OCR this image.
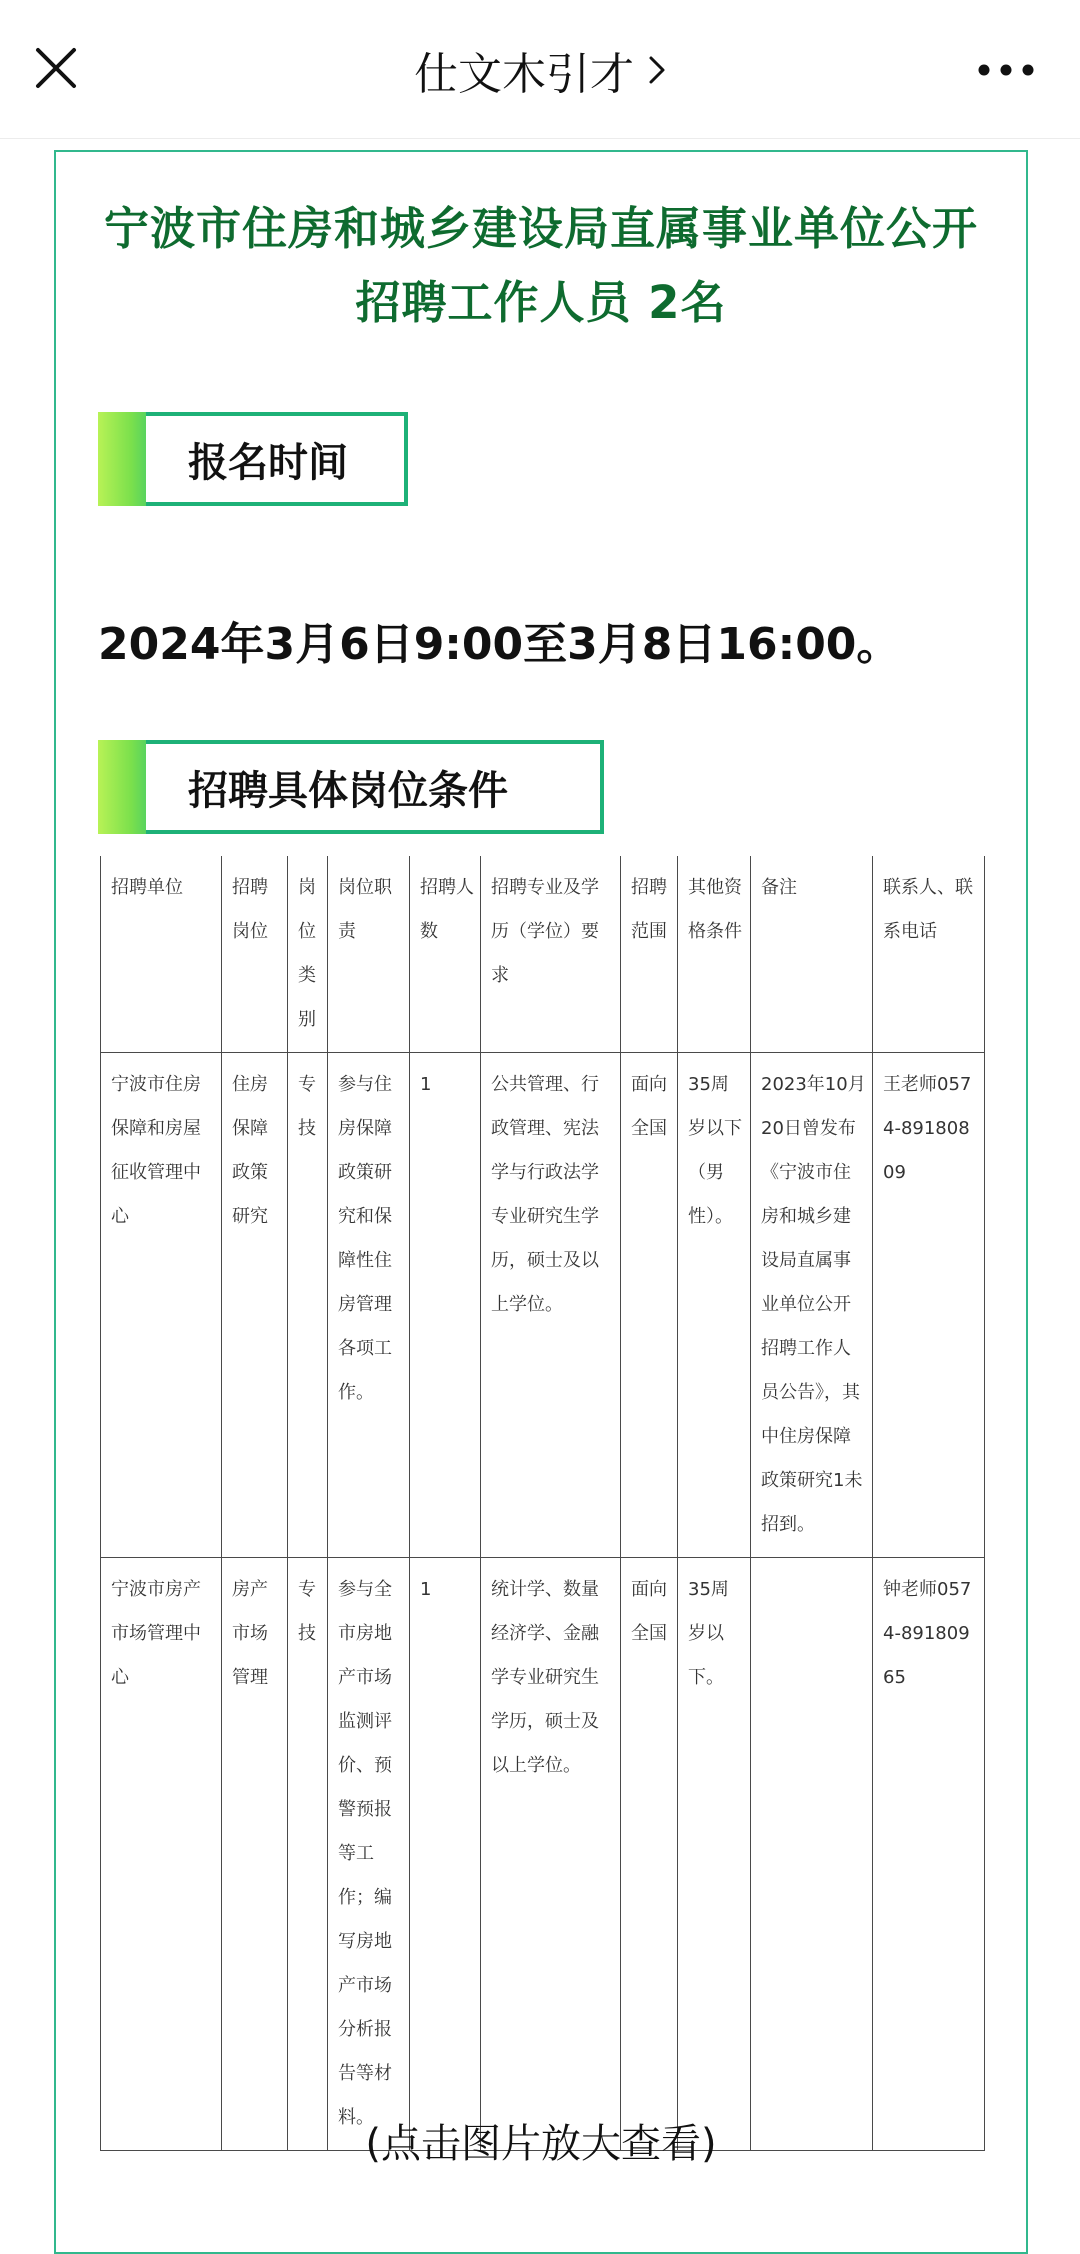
仕文木引才
宁波市住房和城乡建设局直属事业单位公开招聘工作人员 2名
报名时间
2024年3月6日9:00至3月8日16:00。
招聘具体岗位条件
招聘单位	招聘岗位	岗位类别	岗位职责	招聘人数	招聘专业及学历（学位）要求	招聘范围	其他资格条件	备注	联系人、联系电话
宁波市住房保障和房屋征收管理中心	住房保障政策研究	专技	参与住房保障政策研究和保障性住房管理各项工作。	1	公共管理、行政管理、宪法学与行政法学专业研究生学历，硕士及以上学位。	面向全国	35周岁以下（男性）。	2023年10月20日曾发布《宁波市住房和城乡建设局直属事业单位公开招聘工作人员公告》，其中住房保障政策研究1未招到。	王老师0574-89180809
宁波市房产市场管理中心	房产市场管理	专技	参与全市房地产市场监测评价、预警预报等工作；编写房地产市场分析报告等材料。	1	统计学、数量经济学、金融学专业研究生学历，硕士及以上学位。	面向全国	35周岁以下。		钟老师0574-89180965
(点击图片放大查看)
